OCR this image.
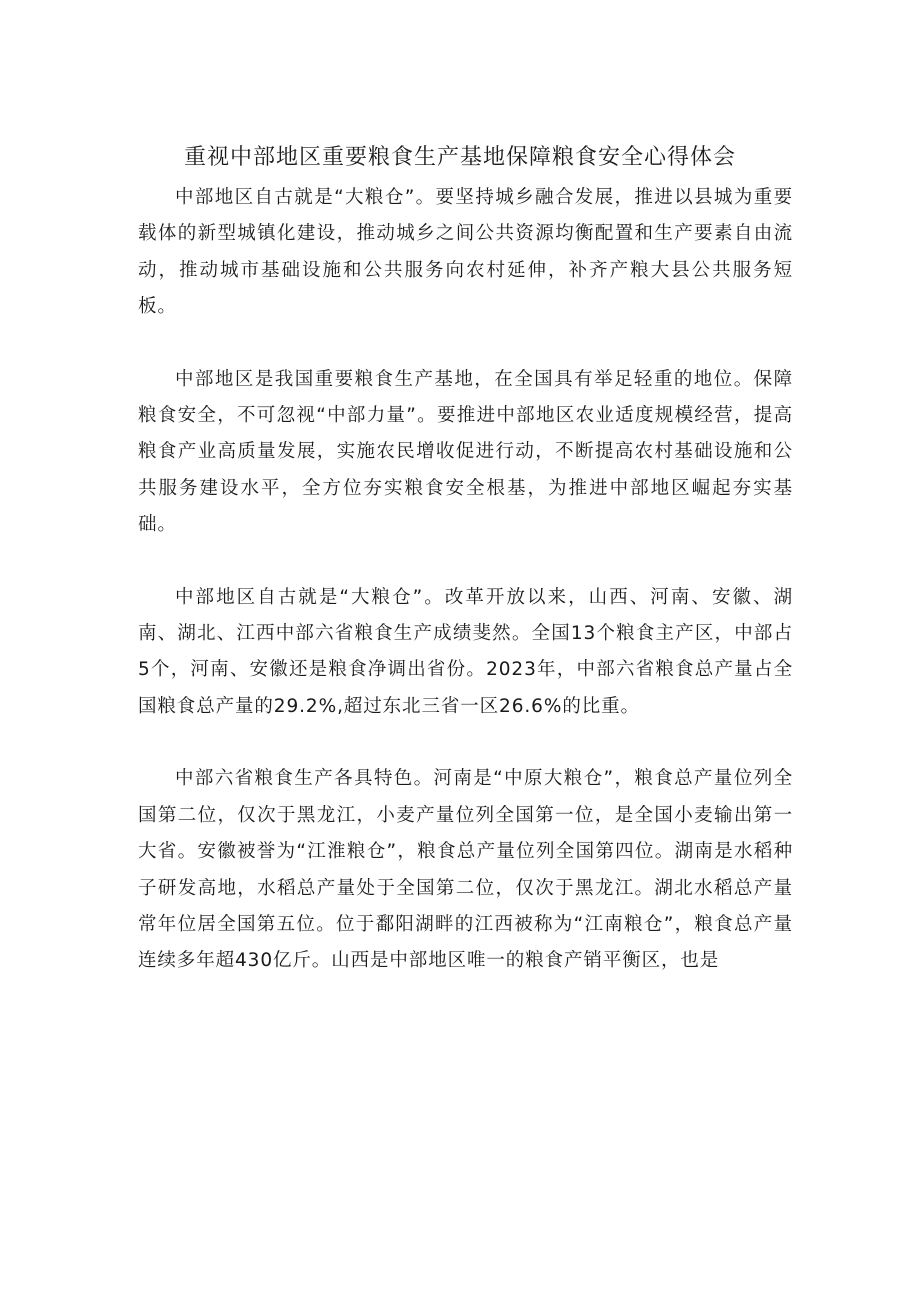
重视中部地区重要粮食生产基地保障粮食安全心得体会

中部地区自古就是“大粮仓”。要坚持城乡融合发展，推进以县城为重要载体的新型城镇化建设，推动城乡之间公共资源均衡配置和生产要素自由流动，推动城市基础设施和公共服务向农村延伸，补齐产粮大县公共服务短板。

中部地区是我国重要粮食生产基地，在全国具有举足轻重的地位。保障粮食安全，不可忽视“中部力量”。要推进中部地区农业适度规模经营，提高粮食产业高质量发展，实施农民增收促进行动，不断提高农村基础设施和公共服务建设水平，全方位夯实粮食安全根基，为推进中部地区崛起夯实基础。

中部地区自古就是“大粮仓”。改革开放以来，山西、河南、安徽、湖南、湖北、江西中部六省粮食生产成绩斐然。全国13个粮食主产区，中部占5个，河南、安徽还是粮食净调出省份。2023年，中部六省粮食总产量占全国粮食总产量的29.2%,超过东北三省一区26.6%的比重。

中部六省粮食生产各具特色。河南是“中原大粮仓”，粮食总产量位列全国第二位，仅次于黑龙江，小麦产量位列全国第一位，是全国小麦输出第一大省。安徽被誉为“江淮粮仓”，粮食总产量位列全国第四位。湖南是水稻种子研发高地，水稻总产量处于全国第二位，仅次于黑龙江。湖北水稻总产量常年位居全国第五位。位于鄱阳湖畔的江西被称为“江南粮仓”，粮食总产量连续多年超430亿斤。山西是中部地区唯一的粮食产销平衡区，也是
